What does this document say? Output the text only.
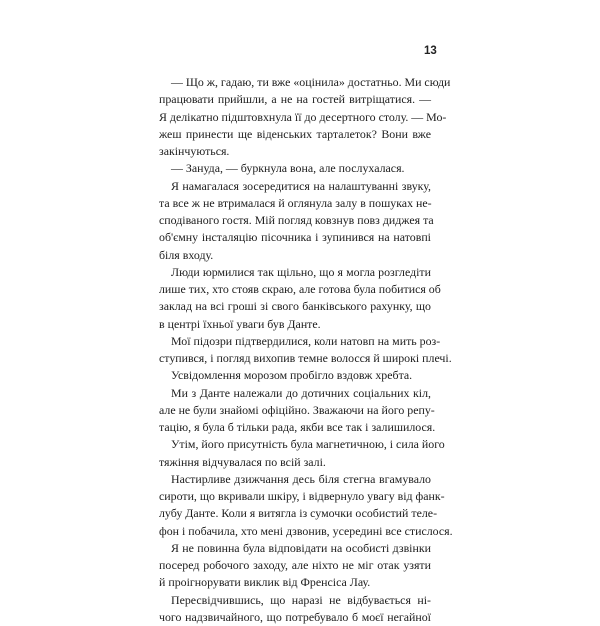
13
— Що ж, гадаю, ти вже «оцінила» достатньо. Ми сюди
працювати прийшли, а не на гостей витріщатися. —
Я делікатно підштовхнула її до десертного столу. — Мо-
жеш принести ще віденських тарталеток? Вони вже
закінчуються.
— Зануда, — буркнула вона, але послухалася.
Я намагалася зосередитися на налаштуванні звуку,
та все ж не втрималася й оглянула залу в пошуках не-
сподіваного гостя. Мій погляд ковзнув повз диджея та
об'ємну інсталяцію пісочника і зупинився на натовпі
біля входу.
Люди юрмилися так щільно, що я могла розгледіти
лише тих, хто стояв скраю, але готова була побитися об
заклад на всі гроші зі свого банківського рахунку, що
в центрі їхньої уваги був Данте.
Мої підозри підтвердилися, коли натовп на мить роз-
ступився, і погляд вихопив темне волосся й широкі плечі.
Усвідомлення морозом пробігло вздовж хребта.
Ми з Данте належали до дотичних соціальних кіл,
але не були знайомі офіційно. Зважаючи на його репу-
тацію, я була б тільки рада, якби все так і залишилося.
Утім, його присутність була магнетичною, і сила його
тяжіння відчувалася по всій залі.
Настирливе дзижчання десь біля стегна вгамувало
сироти, що вкривали шкіру, і відвернуло увагу від фанк-
лубу Данте. Коли я витягла із сумочки особистий теле-
фон і побачила, хто мені дзвонив, усередині все стислося.
Я не повинна була відповідати на особисті дзвінки
посеред робочого заходу, але ніхто не міг отак узяти
й проігнорувати виклик від Френсіса Лау.
Пересвідчившись, що наразі не відбувається ні-
чого надзвичайного, що потребувало б моєї негайної
